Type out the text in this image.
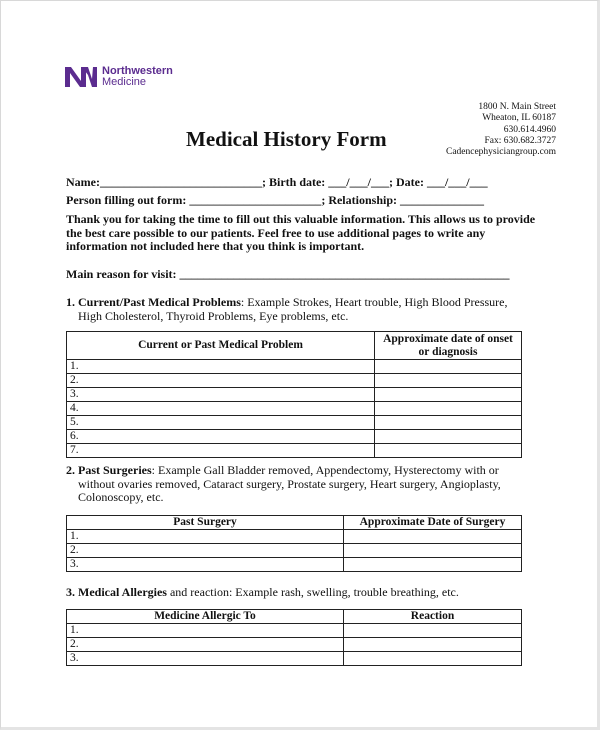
Northwestern
Medicine
1800 N. Main Street
Wheaton, IL 60187
630.614.4960
Fax: 630.682.3727
Cadencephysiciangroup.com
Medical History Form
Name:___________________________; Birth date: ___/___/___; Date: ___/___/___
Person filling out form: ______________________; Relationship: ______________
Thank you for taking the time to fill out this valuable information. This allows us to provide the best care possible to our patients. Feel free to use additional pages to write any information not included here that you think is important.
Main reason for visit: _______________________________________________________
1. Current/Past Medical Problems: Example Strokes, Heart trouble, High Blood Pressure,
High Cholesterol, Thyroid Problems, Eye problems, etc.
Current or Past Medical Problem	Approximate date of onset or diagnosis
1.	
2.	
3.	
4.	
5.	
6.	
7.	
2. Past Surgeries: Example Gall Bladder removed, Appendectomy, Hysterectomy with or
without ovaries removed, Cataract surgery, Prostate surgery, Heart surgery, Angioplasty,
Colonoscopy, etc.
Past Surgery	Approximate Date of Surgery
1.	
2.	
3.	
3. Medical Allergies and reaction: Example rash, swelling, trouble breathing, etc.
Medicine Allergic To	Reaction
1.	
2.	
3.	
